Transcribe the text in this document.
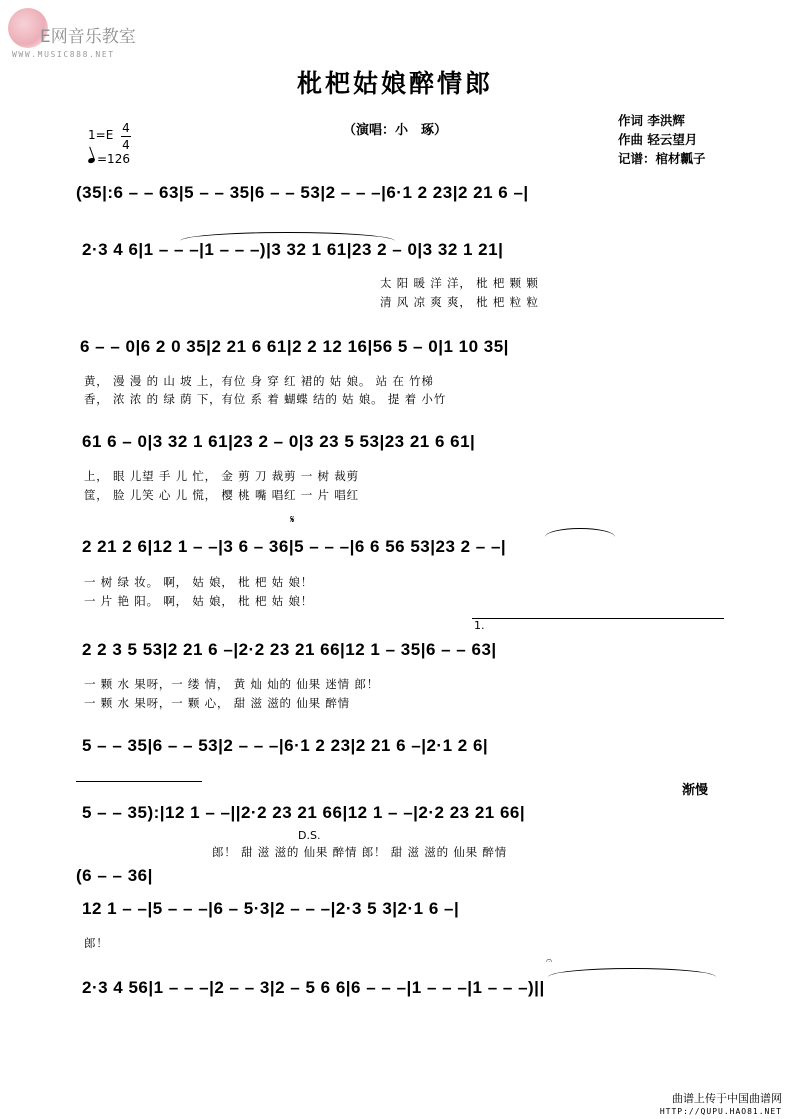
E网音乐教室
WWW.MUSIC888.NET
枇杷姑娘醉情郎
（演唱：小　琢）
作词 李洪辉
作曲 轻云望月
记谱：棺材瓤子
1=E 4
4
=126
(35|:6 – – 63|5 – – 35|6 – – 53|2 – – –|6·1 2 23|2 21 6 –|
2·3 4 6|1 – – –|1 – – –)|3 32 1 61|23 2 – 0|3 32 1 21|
太 阳 暖 洋 洋， 枇 杷 颗 颗
清 风 凉 爽 爽， 枇 杷 粒 粒
6 – – 0|6 2 0 35|2 21 6 61|2 2 12 16|56 5 – 0|1 10 35|
黄， 漫 漫 的 山 坡 上，有位 身 穿 红 裙的 姑 娘。 站 在 竹梯
香， 浓 浓 的 绿 荫 下，有位 系 着 蝴蝶 结的 姑 娘。 提 着 小竹
61 6 – 0|3 32 1 61|23 2 – 0|3 23 5 53|23 21 6 61|
上， 眼 儿望 手 儿 忙， 金 剪 刀 裁剪 一 树 裁剪
筐， 脸 儿笑 心 儿 慌， 樱 桃 嘴 唱红 一 片 唱红
𝄋
2 21 2 6|12 1 – –|3 6 – 36|5 – – –|6 6 56 53|23 2 – –|
一 树 绿 妆。 啊， 姑 娘， 枇 杷 姑 娘！
一 片 艳 阳。 啊， 姑 娘， 枇 杷 姑 娘！
1.
2 2 3 5 53|2 21 6 –|2·2 23 21 66|12 1 – 35|6 – – 63|
一 颗 水 果呀，一 缕 情， 黄 灿 灿的 仙果 迷情 郎！
一 颗 水 果呀，一 颗 心， 甜 滋 滋的 仙果 醉情
5 – – 35|6 – – 53|2 – – –|6·1 2 23|2 21 6 –|2·1 2 6|
渐慢
5 – – 35):|12 1 – –||2·2 23 21 66|12 1 – –|2·2 23 21 66|
D.S.
郎！ 甜 滋 滋的 仙果 醉情 郎！ 甜 滋 滋的 仙果 醉情
(6 – – 36|
12 1 – –|5 – – –|6 – 5·3|2 – – –|2·3 5 3|2·1 6 –|
郎！
𝄐
2·3 4 56|1 – – –|2 – – 3|2 – 5 6 6|6 – – –|1 – – –|1 – – –)||
曲谱上传于中国曲谱网
HTTP://QUPU.HAO81.NET
